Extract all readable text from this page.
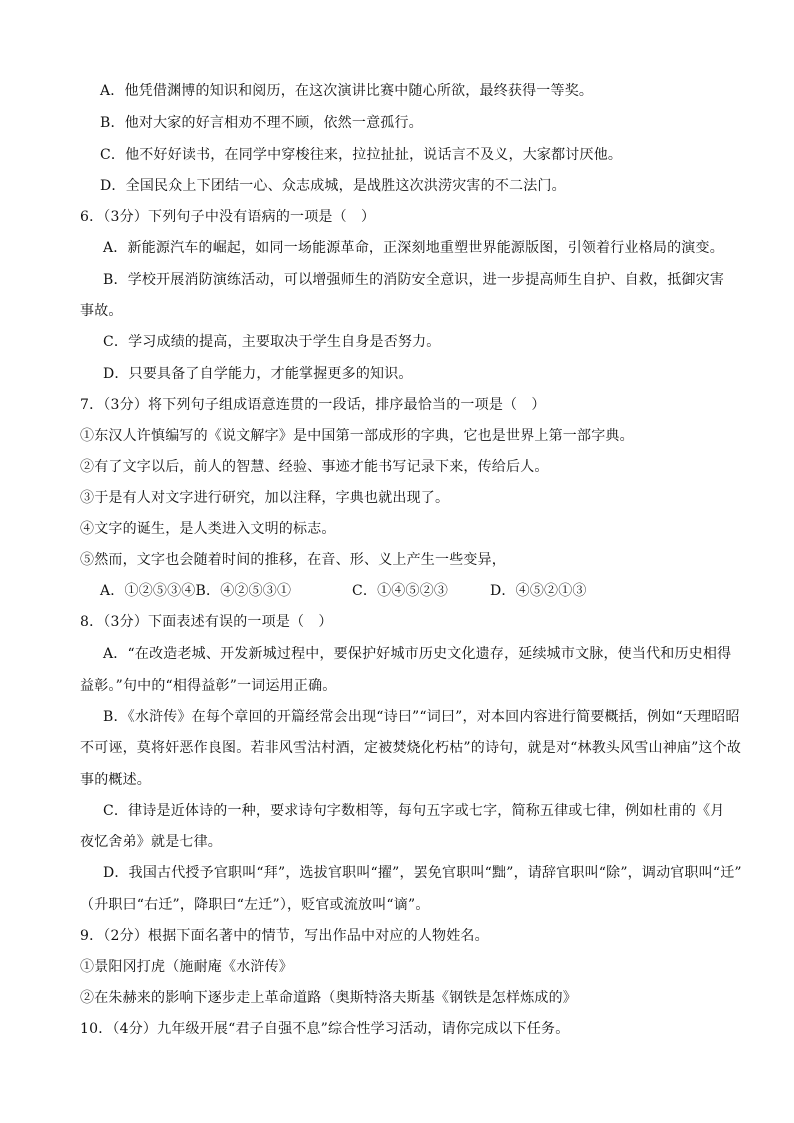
A．他凭借渊博的知识和阅历，在这次演讲比赛中随心所欲，最终获得一等奖。
B．他对大家的好言相劝不理不顾，依然一意孤行。
C．他不好好读书，在同学中穿梭往来，拉拉扯扯，说话言不及义，大家都讨厌他。
D．全国民众上下团结一心、众志成城，是战胜这次洪涝灾害的不二法门。
6．（3分）下列句子中没有语病的一项是（　）
A．新能源汽车的崛起，如同一场能源革命，正深刻地重塑世界能源版图，引领着行业格局的演变。
B．学校开展消防演练活动，可以增强师生的消防安全意识，进一步提高师生自护、自救，抵御灾害
事故。
C．学习成绩的提高，主要取决于学生自身是否努力。
D．只要具备了自学能力，才能掌握更多的知识。
7．（3分）将下列句子组成语意连贯的一段话，排序最恰当的一项是（　）
①东汉人许慎编写的《说文解字》是中国第一部成形的字典，它也是世界上第一部字典。
②有了文字以后，前人的智慧、经验、事迹才能书写记录下来，传给后人。
③于是有人对文字进行研究，加以注释，字典也就出现了。
④文字的诞生，是人类进入文明的标志。
⑤然而，文字也会随着时间的推移，在音、形、义上产生一些变异，
A．①②⑤③④B．④②⑤③①	C．①④⑤②③	D．④⑤②①③
8．（3分）下面表述有误的一项是（　）
A．“在改造老城、开发新城过程中，要保护好城市历史文化遗存，延续城市文脉，使当代和历史相得
益彰。”句中的“相得益彰”一词运用正确。
B．《水浒传》在每个章回的开篇经常会出现“诗曰”“词曰”，对本回内容进行简要概括，例如“天理昭昭
不可诬，莫将奸恶作良图。若非风雪沽村酒，定被焚烧化朽枯”的诗句，就是对“林教头风雪山神庙”这个故
事的概述。
C．律诗是近体诗的一种，要求诗句字数相等，每句五字或七字，简称五律或七律，例如杜甫的《月
夜忆舍弟》就是七律。
D．我国古代授予官职叫“拜”，选拔官职叫“擢”，罢免官职叫“黜”，请辞官职叫“除”，调动官职叫“迁”
（升职曰“右迁”，降职曰“左迁”），贬官或流放叫“谪”。
9．（2分）根据下面名著中的情节，写出作品中对应的人物姓名。
①景阳冈打虎（施耐庵《水浒传》
②在朱赫来的影响下逐步走上革命道路（奥斯特洛夫斯基《钢铁是怎样炼成的》
10．（4分）九年级开展“君子自强不息”综合性学习活动，请你完成以下任务。
